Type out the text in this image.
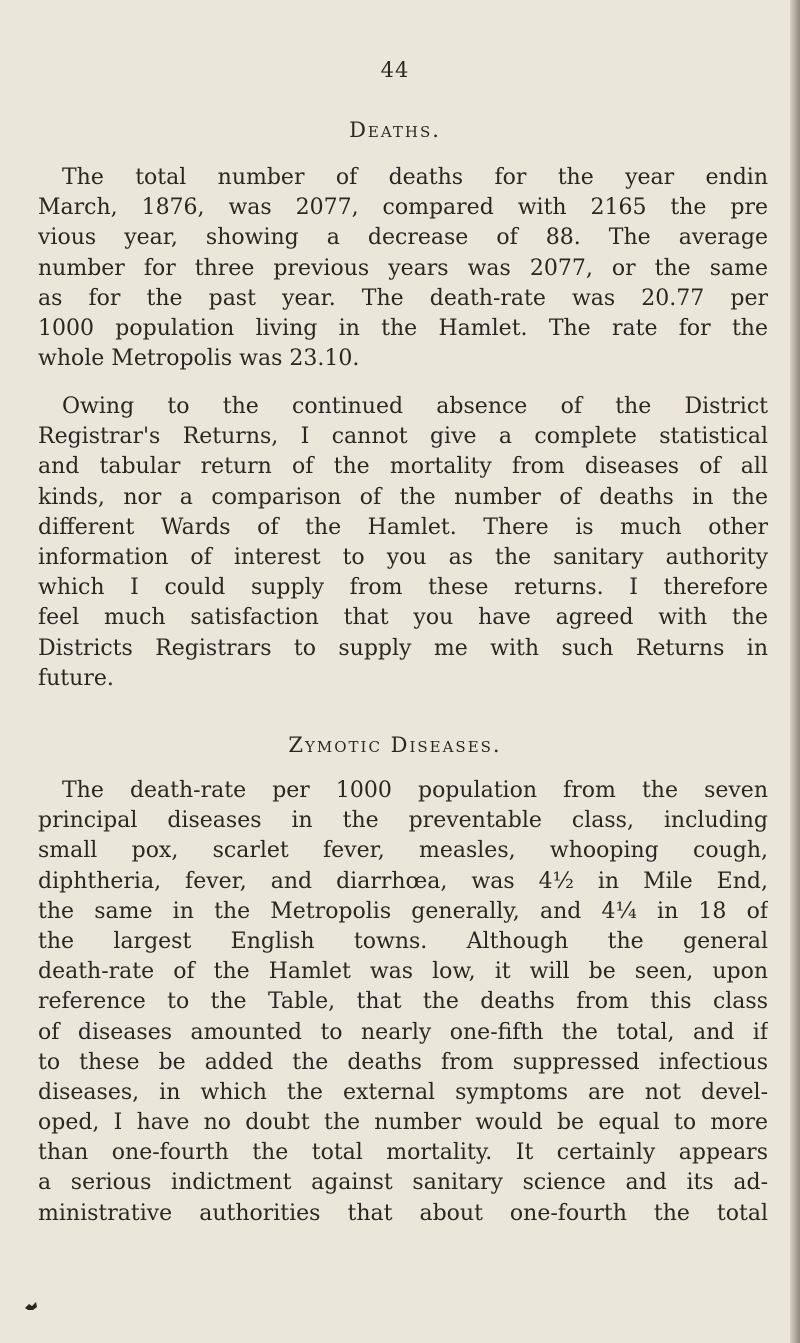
44
Deaths.
The total number of deaths for the year endin
March, 1876, was 2077, compared with 2165 the pre
vious year, showing a decrease of 88. The average
number for three previous years was 2077, or the same
as for the past year. The death-rate was 20.77 per
1000 population living in the Hamlet. The rate for the
whole Metropolis was 23.10.
Owing to the continued absence of the District
Registrar's Returns, I cannot give a complete statistical
and tabular return of the mortality from diseases of all
kinds, nor a comparison of the number of deaths in the
different Wards of the Hamlet. There is much other
information of interest to you as the sanitary authority
which I could supply from these returns. I therefore
feel much satisfaction that you have agreed with the
Districts Registrars to supply me with such Returns in
future.
Zymotic Diseases.
The death-rate per 1000 population from the seven
principal diseases in the preventable class, including
small pox, scarlet fever, measles, whooping cough,
diphtheria, fever, and diarrhœa, was 4½ in Mile End,
the same in the Metropolis generally, and 4¼ in 18 of
the largest English towns. Although the general
death-rate of the Hamlet was low, it will be seen, upon
reference to the Table, that the deaths from this class
of diseases amounted to nearly one-fifth the total, and if
to these be added the deaths from suppressed infectious
diseases, in which the external symptoms are not devel-
oped, I have no doubt the number would be equal to more
than one-fourth the total mortality. It certainly appears
a serious indictment against sanitary science and its ad-
ministrative authorities that about one-fourth the total
